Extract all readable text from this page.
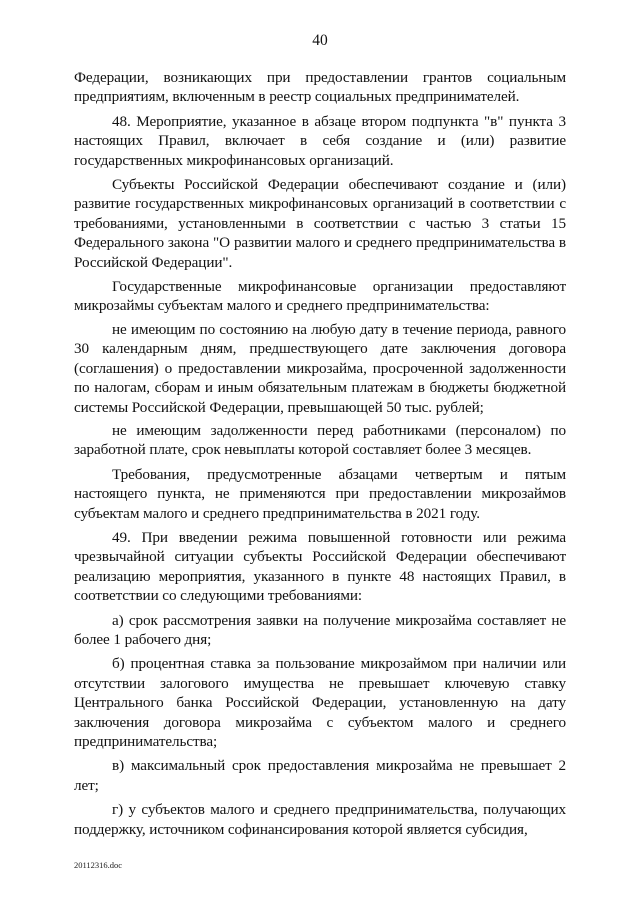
40

Федерации, возникающих при предоставлении грантов социальным предприятиям, включенным в реестр социальных предпринимателей.

48. Мероприятие, указанное в абзаце втором подпункта "в" пункта 3 настоящих Правил, включает в себя создание и (или) развитие государственных микрофинансовых организаций.

Субъекты Российской Федерации обеспечивают создание и (или) развитие государственных микрофинансовых организаций в соответствии с требованиями, установленными в соответствии с частью 3 статьи 15 Федерального закона "О развитии малого и среднего предпринимательства в Российской Федерации".

Государственные микрофинансовые организации предоставляют микрозаймы субъектам малого и среднего предпринимательства:

не имеющим по состоянию на любую дату в течение периода, равного 30 календарным дням, предшествующего дате заключения договора (соглашения) о предоставлении микрозайма, просроченной задолженности по налогам, сборам и иным обязательным платежам в бюджеты бюджетной системы Российской Федерации, превышающей 50 тыс. рублей;

не имеющим задолженности перед работниками (персоналом) по заработной плате, срок невыплаты которой составляет более 3 месяцев.

Требования, предусмотренные абзацами четвертым и пятым настоящего пункта, не применяются при предоставлении микрозаймов субъектам малого и среднего предпринимательства в 2021 году.

49. При введении режима повышенной готовности или режима чрезвычайной ситуации субъекты Российской Федерации обеспечивают реализацию мероприятия, указанного в пункте 48 настоящих Правил, в соответствии со следующими требованиями:

а) срок рассмотрения заявки на получение микрозайма составляет не более 1 рабочего дня;

б) процентная ставка за пользование микрозаймом при наличии или отсутствии залогового имущества не превышает ключевую ставку Центрального банка Российской Федерации, установленную на дату заключения договора микрозайма с субъектом малого и среднего предпринимательства;

в) максимальный срок предоставления микрозайма не превышает 2 лет;

г) у субъектов малого и среднего предпринимательства, получающих поддержку, источником софинансирования которой является субсидия,

20112316.doc
